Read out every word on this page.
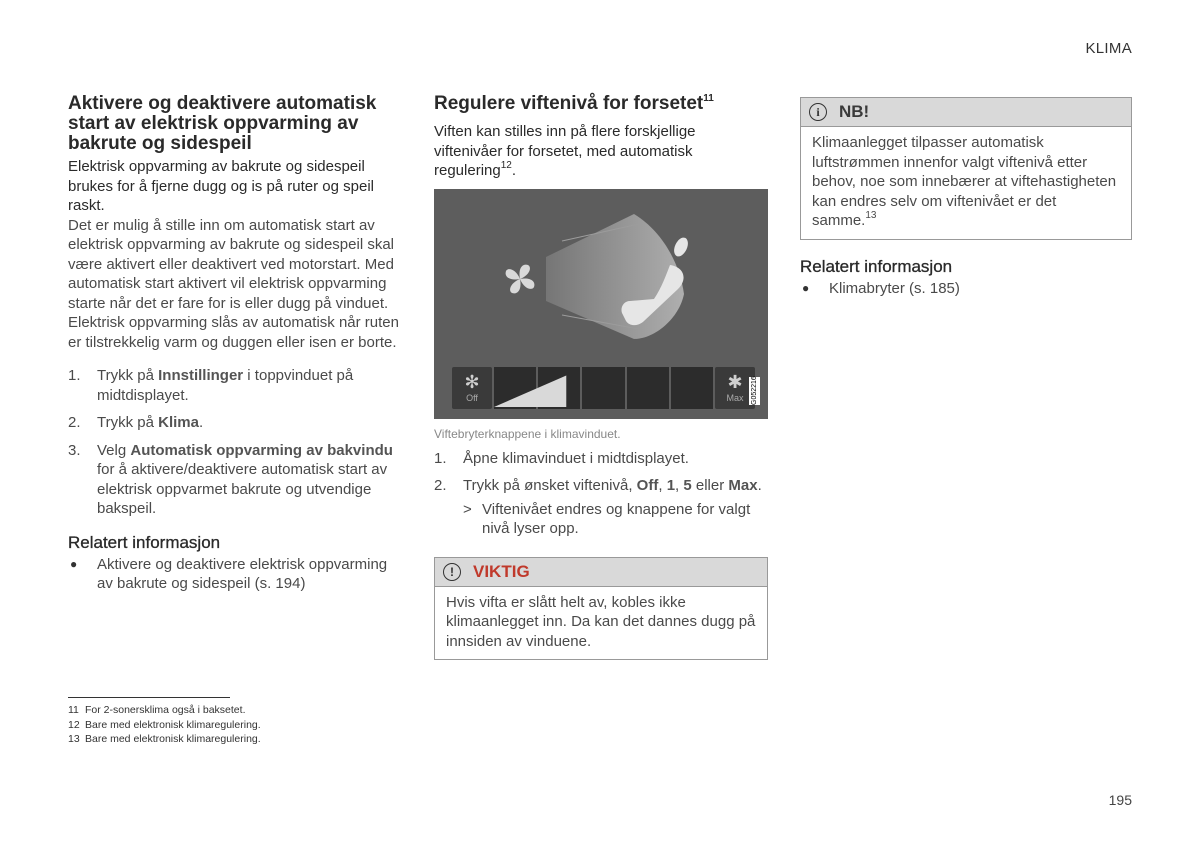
KLIMA
Aktivere og deaktivere automatisk start av elektrisk oppvarming av bakrute og sidespeil

Elektrisk oppvarming av bakrute og sidespeil brukes for å fjerne dugg og is på ruter og speil raskt.

Det er mulig å stille inn om automatisk start av elektrisk oppvarming av bakrute og sidespeil skal være aktivert eller deaktivert ved motorstart. Med automatisk start aktivert vil elektrisk oppvarming starte når det er fare for is eller dugg på vinduet. Elektrisk oppvarming slås av automatisk når ruten er tilstrekkelig varm og duggen eller isen er borte.

1. Trykk på Innstillinger i toppvinduet på midtdisplayet.
2. Trykk på Klima.
3. Velg Automatisk oppvarming av bakvindu for å aktivere/deaktivere automatisk start av elektrisk oppvarmet bakrute og utvendige bakspeil.
Relatert informasjon
● Aktivere og deaktivere elektrisk oppvarming av bakrute og sidespeil (s. 194)
Regulere viftenivå for forsetet$^{11}$

Viften kan stilles inn på flere forskjellige viftenivåer for forsetet, med automatisk regulering$^{12}$.

✻
Off
✱
Max	G052216
Viftebryterknappene i klimavinduet.
1. Åpne klimavinduet i midtdisplayet.
2. Trykk på ønsket viftenivå, Off, 1, 5 eller Max.
> Viftenivået endres og knappene for valgt nivå lyser opp.
!	VIKTIG
Hvis vifta er slått helt av, kobles ikke klimaanlegget inn. Da kan det dannes dugg på innsiden av vinduene.
i	NB!
Klimaanlegget tilpasser automatisk luftstrømmen innenfor valgt viftenivå etter behov, noe som innebærer at viftehastigheten kan endres selv om viftenivået er det samme.$^{13}$
Relatert informasjon
● Klimabryter (s. 185)
11 For 2-sonersklima også i baksetet.
12 Bare med elektronisk klimaregulering.
13 Bare med elektronisk klimaregulering.
195
